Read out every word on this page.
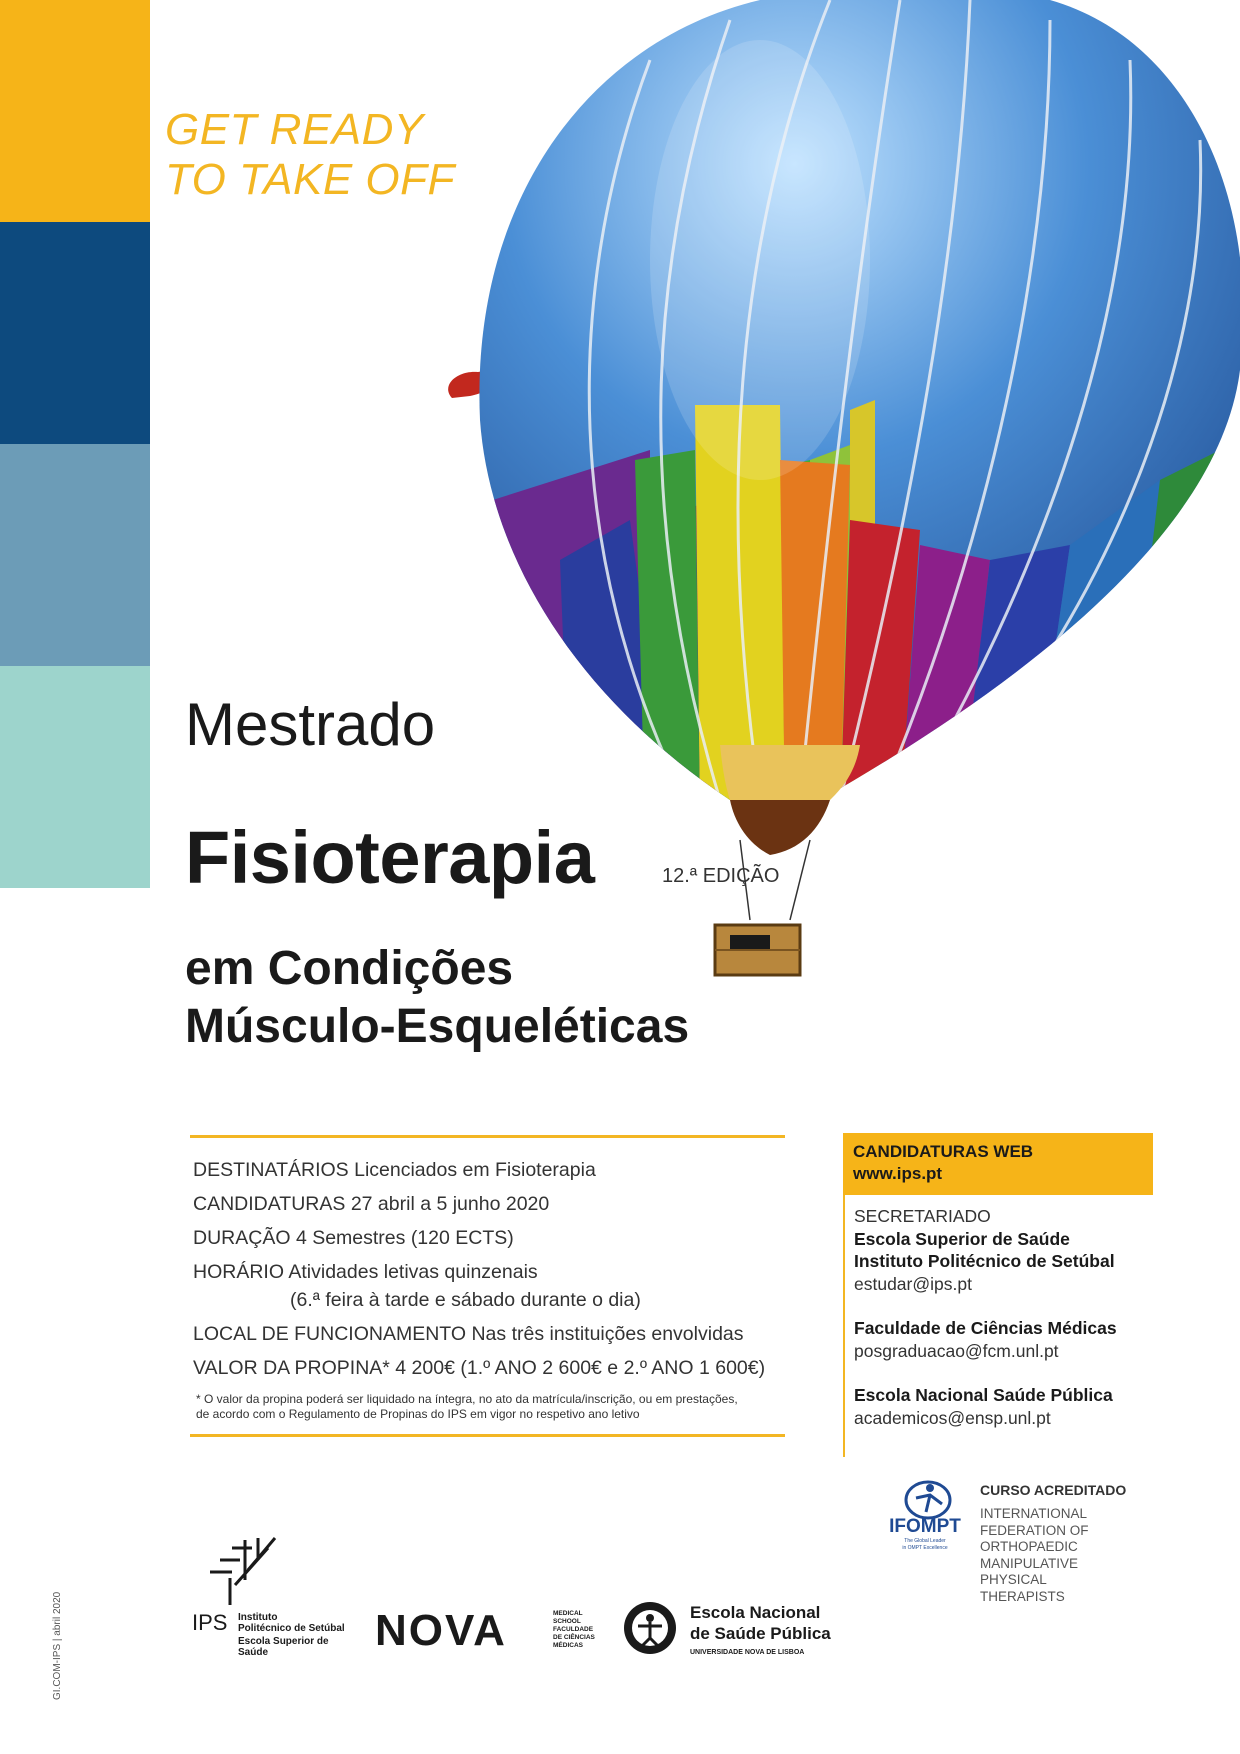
GET READY
TO TAKE OFF
Mestrado
Fisioterapia	12.ª EDIÇÃO
em Condições
Músculo-Esqueléticas
DESTINATÁRIOS Licenciados em Fisioterapia
CANDIDATURAS 27 abril a 5 junho 2020
DURAÇÃO 4 Semestres (120 ECTS)
HORÁRIO Atividades letivas quinzenais
(6.ª feira à tarde e sábado durante o dia)
LOCAL DE FUNCIONAMENTO Nas três instituições envolvidas
VALOR DA PROPINA* 4 200€ (1.º ANO 2 600€ e 2.º ANO 1 600€)
* O valor da propina poderá ser liquidado na íntegra, no ato da matrícula/inscrição, ou em prestações,
de acordo com o Regulamento de Propinas do IPS em vigor no respetivo ano letivo
CANDIDATURAS WEB
www.ips.pt
SECRETARIADO
Escola Superior de Saúde
Instituto Politécnico de Setúbal
estudar@ips.pt
Faculdade de Ciências Médicas
posgraduacao@fcm.unl.pt
Escola Nacional Saúde Pública
academicos@ensp.unl.pt
IFOMPT
The Global Leader
in OMPT Excellence
CURSO ACREDITADO
INTERNATIONAL
FEDERATION OF
ORTHOPAEDIC
MANIPULATIVE
PHYSICAL
THERAPISTS
GI.COM-IPS | abril 2020	IPS Instituto
Politécnico de Setúbal
Escola Superior de
Saúde NOVA	MEDICAL
SCHOOL
FACULDADE
DE CIÊNCIAS
MÉDICAS
Escola Nacional
de Saúde Pública
UNIVERSIDADE NOVA DE LISBOA
